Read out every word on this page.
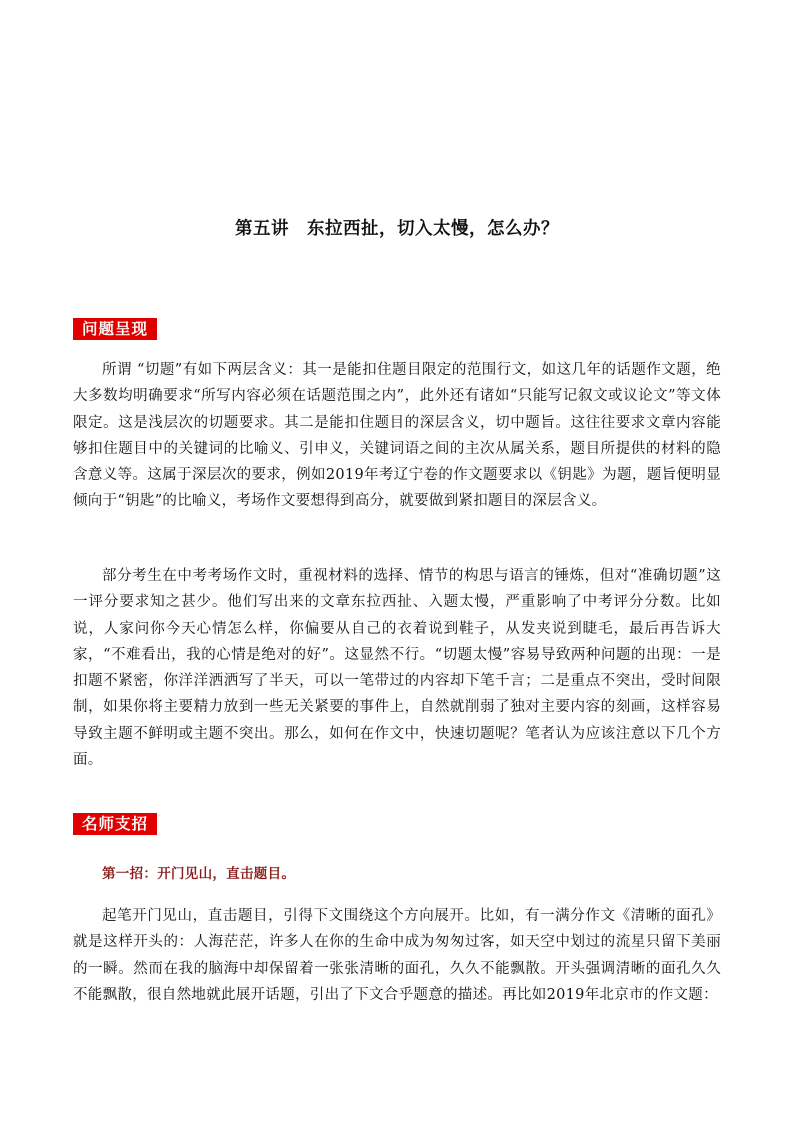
第五讲　东拉西扯，切入太慢，怎么办？
问题呈现

所谓 “切题”有如下两层含义：其一是能扣住题目限定的范围行文，如这几年的话题作文题，绝大多数均明确要求“所写内容必须在话题范围之内”，此外还有诸如“只能写记叙文或议论文”等文体限定。这是浅层次的切题要求。其二是能扣住题目的深层含义，切中题旨。这往往要求文章内容能够扣住题目中的关键词的比喻义、引申义，关键词语之间的主次从属关系，题目所提供的材料的隐含意义等。这属于深层次的要求，例如2019年考辽宁卷的作文题要求以《钥匙》为题，题旨便明显倾向于“钥匙”的比喻义，考场作文要想得到高分，就要做到紧扣题目的深层含义。

部分考生在中考考场作文时，重视材料的选择、情节的构思与语言的锤炼，但对“准确切题”这一评分要求知之甚少。他们写出来的文章东拉西扯、入题太慢，严重影响了中考评分分数。比如说，人家问你今天心情怎么样，你偏要从自己的衣着说到鞋子，从发夹说到睫毛，最后再告诉大家，“不难看出，我的心情是绝对的好”。这显然不行。“切题太慢”容易导致两种问题的出现：一是扣题不紧密，你洋洋洒洒写了半天，可以一笔带过的内容却下笔千言；二是重点不突出，受时间限制，如果你将主要精力放到一些无关紧要的事件上，自然就削弱了独对主要内容的刻画，这样容易导致主题不鲜明或主题不突出。那么，如何在作文中，快速切题呢？笔者认为应该注意以下几个方面。

名师支招
第一招：开门见山，直击题目。

起笔开门见山，直击题目，引得下文围绕这个方向展开。比如，有一满分作文《清晰的面孔》就是这样开头的：人海茫茫，许多人在你的生命中成为匆匆过客，如天空中划过的流星只留下美丽的一瞬。然而在我的脑海中却保留着一张张清晰的面孔，久久不能飘散。开头强调清晰的面孔久久不能飘散，很自然地就此展开话题，引出了下文合乎题意的描述。再比如2019年北京市的作文题：
